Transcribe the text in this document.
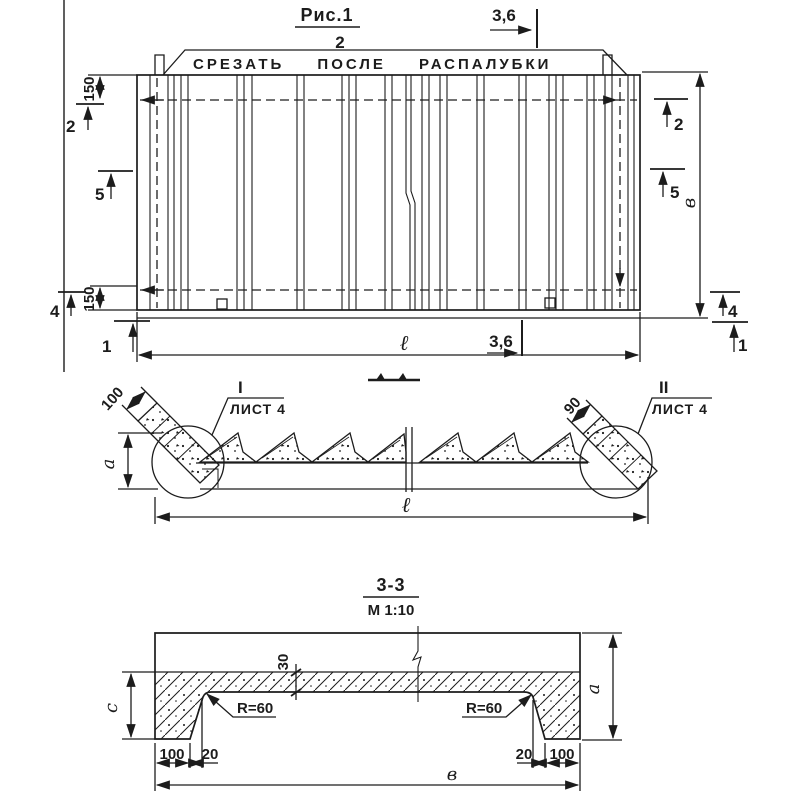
Рис.1
2
3,6
СРЕЗАТЬ ПОСЛЕ РАСПАЛУБКИ
150
2
5
150
4
1
2
5
в
4
1
3,6
ℓ
I
ЛИСТ 4
II
ЛИСТ 4
100	90
а
ℓ
3-3
М 1:10
30
R=60	R=60
с
а
100 20	20 100
в
